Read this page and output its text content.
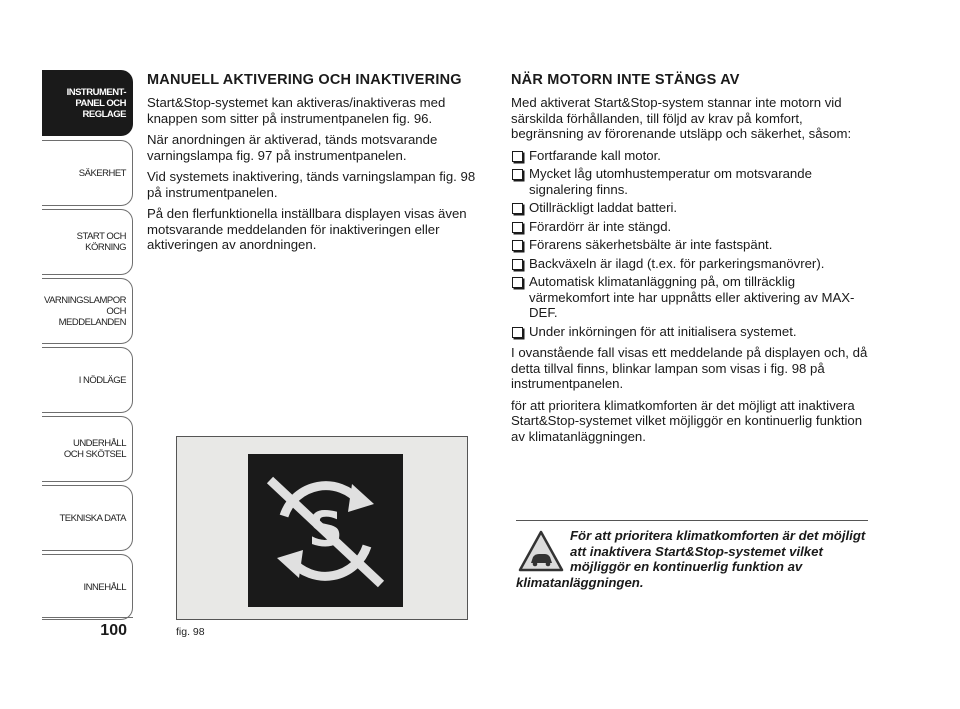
INSTRUMENT-
PANEL OCH
REGLAGE
SÄKERHET
START OCH
KÖRNING
VARNINGSLAMPOR
OCH
MEDDELANDEN
I NÖDLÄGE
UNDERHÅLL
OCH SKÖTSEL
TEKNISKA DATA
INNEHÅLL
100
MANUELL AKTIVERING OCH INAKTIVERING

Start&Stop-systemet kan aktiveras/inaktiveras med knappen som sitter på instrumentpanelen fig. 96.

När anordningen är aktiverad, tänds motsvarande varningslampa fig. 97 på instrumentpanelen.

Vid systemets inaktivering, tänds varningslampan fig. 98 på instrumentpanelen.

På den flerfunktionella inställbara displayen visas även motsvarande meddelanden för inaktiveringen eller aktiveringen av anordningen.

S
fig. 98
NÄR MOTORN INTE STÄNGS AV

Med aktiverat Start&Stop-system stannar inte motorn vid särskilda förhållanden, till följd av krav på komfort, begränsning av förorenande utsläpp och säkerhet, såsom:

Fortfarande kall motor.
Mycket låg utomhustemperatur om motsvarande signalering finns.
Otillräckligt laddat batteri.
Förardörr är inte stängd.
Förarens säkerhetsbälte är inte fastspänt.
Backväxeln är ilagd (t.ex. för parkeringsmanövrer).
Automatisk klimatanläggning på, om tillräcklig värmekomfort inte har uppnåtts eller aktivering av MAX-DEF.
Under inkörningen för att initialisera systemet.

I ovanstående fall visas ett meddelande på displayen och, då detta tillval finns, blinkar lampan som visas i fig. 98 på instrumentpanelen.

för att prioritera klimatkomforten är det möjligt att inaktivera Start&Stop-systemet vilket möjliggör en kontinuerlig funktion av klimatanläggningen.

För att prioritera klimatkomforten är det möjligt att inaktivera Start&Stop-systemet vilket möjliggör en kontinuerlig funktion av klimatanläggningen.
